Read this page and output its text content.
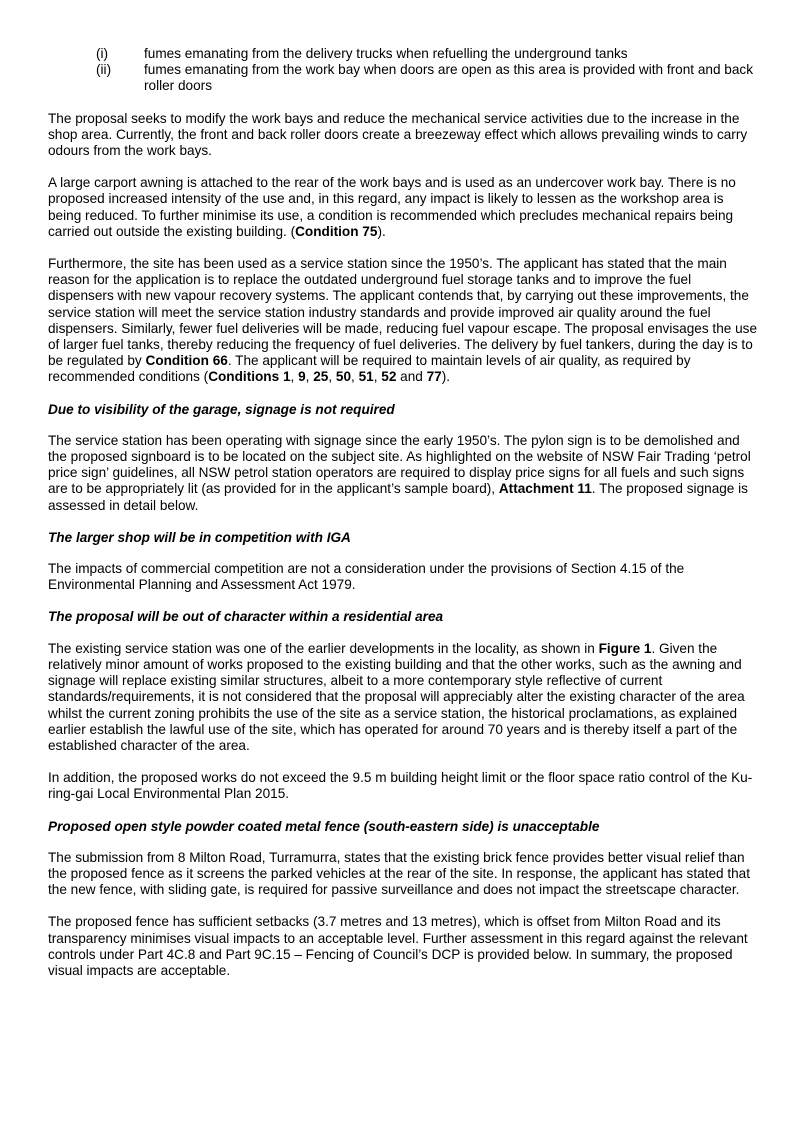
(i)	fumes emanating from the delivery trucks when refuelling the underground tanks
(ii)	fumes emanating from the work bay when doors are open as this area is provided with front and back roller doors

The proposal seeks to modify the work bays and reduce the mechanical service activities due to the increase in the shop area. Currently, the front and back roller doors create a breezeway effect which allows prevailing winds to carry odours from the work bays.

A large carport awning is attached to the rear of the work bays and is used as an undercover work bay. There is no proposed increased intensity of the use and, in this regard, any impact is likely to lessen as the workshop area is being reduced. To further minimise its use, a condition is recommended which precludes mechanical repairs being carried out outside the existing building. (Condition 75).

Furthermore, the site has been used as a service station since the 1950’s. The applicant has stated that the main reason for the application is to replace the outdated underground fuel storage tanks and to improve the fuel dispensers with new vapour recovery systems. The applicant contends that, by carrying out these improvements, the service station will meet the service station industry standards and provide improved air quality around the fuel dispensers. Similarly, fewer fuel deliveries will be made, reducing fuel vapour escape. The proposal envisages the use of larger fuel tanks, thereby reducing the frequency of fuel deliveries. The delivery by fuel tankers, during the day is to be regulated by Condition 66. The applicant will be required to maintain levels of air quality, as required by recommended conditions (Conditions 1, 9, 25, 50, 51, 52 and 77).

Due to visibility of the garage, signage is not required

The service station has been operating with signage since the early 1950’s. The pylon sign is to be demolished and the proposed signboard is to be located on the subject site. As highlighted on the website of NSW Fair Trading ‘petrol price sign’ guidelines, all NSW petrol station operators are required to display price signs for all fuels and such signs are to be appropriately lit (as provided for in the applicant’s sample board), Attachment 11. The proposed signage is assessed in detail below.

The larger shop will be in competition with IGA

The impacts of commercial competition are not a consideration under the provisions of Section 4.15 of the Environmental Planning and Assessment Act 1979.

The proposal will be out of character within a residential area

The existing service station was one of the earlier developments in the locality, as shown in Figure 1. Given the relatively minor amount of works proposed to the existing building and that the other works, such as the awning and signage will replace existing similar structures, albeit to a more contemporary style reflective of current standards/requirements, it is not considered that the proposal will appreciably alter the existing character of the area whilst the current zoning prohibits the use of the site as a service station, the historical proclamations, as explained earlier establish the lawful use of the site, which has operated for around 70 years and is thereby itself a part of the established character of the area.

In addition, the proposed works do not exceed the 9.5 m building height limit or the floor space ratio control of the Ku-ring-gai Local Environmental Plan 2015.

Proposed open style powder coated metal fence (south-eastern side) is unacceptable

The submission from 8 Milton Road, Turramurra, states that the existing brick fence provides better visual relief than the proposed fence as it screens the parked vehicles at the rear of the site. In response, the applicant has stated that the new fence, with sliding gate, is required for passive surveillance and does not impact the streetscape character.

The proposed fence has sufficient setbacks (3.7 metres and 13 metres), which is offset from Milton Road and its transparency minimises visual impacts to an acceptable level. Further assessment in this regard against the relevant controls under Part 4C.8 and Part 9C.15 – Fencing of Council’s DCP is provided below. In summary, the proposed visual impacts are acceptable.
